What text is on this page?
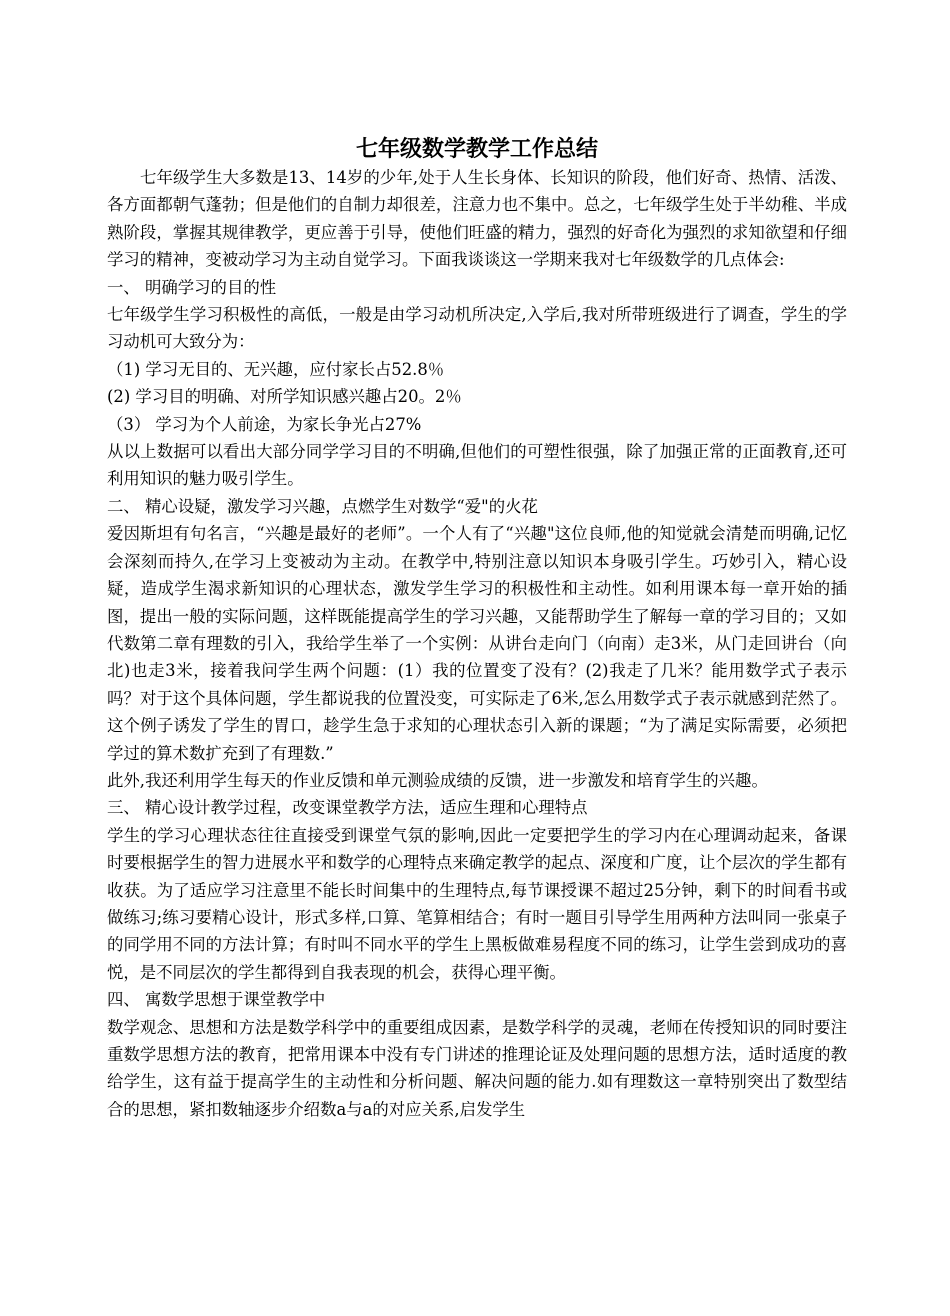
七年级数学教学工作总结

七年级学生大多数是13、14岁的少年,处于人生长身体、长知识的阶段，他们好奇、热情、活泼、各方面都朝气蓬勃；但是他们的自制力却很差，注意力也不集中。总之，七年级学生处于半幼稚、半成熟阶段，掌握其规律教学，更应善于引导，使他们旺盛的精力，强烈的好奇化为强烈的求知欲望和仔细学习的精神，变被动学习为主动自觉学习。下面我谈谈这一学期来我对七年级数学的几点体会:

一、 明确学习的目的性

七年级学生学习积极性的高低，一般是由学习动机所决定,入学后,我对所带班级进行了调查，学生的学习动机可大致分为：

（1) 学习无目的、无兴趣，应付家长占52.8％

(2) 学习目的明确、对所学知识感兴趣占20。2％

（3） 学习为个人前途，为家长争光占27%

从以上数据可以看出大部分同学学习目的不明确,但他们的可塑性很强，除了加强正常的正面教育,还可利用知识的魅力吸引学生。

二、 精心设疑，激发学习兴趣，点燃学生对数学“爱"的火花

爱因斯坦有句名言，“兴趣是最好的老师”。一个人有了“兴趣"这位良师,他的知觉就会清楚而明确,记忆会深刻而持久,在学习上变被动为主动。在教学中,特别注意以知识本身吸引学生。巧妙引入，精心设疑，造成学生渴求新知识的心理状态，激发学生学习的积极性和主动性。如利用课本每一章开始的插图，提出一般的实际问题，这样既能提高学生的学习兴趣，又能帮助学生了解每一章的学习目的；又如代数第二章有理数的引入，我给学生举了一个实例：从讲台走向门（向南）走3米，从门走回讲台（向北)也走3米，接着我问学生两个问题：(1）我的位置变了没有？(2)我走了几米？能用数学式子表示吗？对于这个具体问题，学生都说我的位置没变，可实际走了6米,怎么用数学式子表示就感到茫然了。这个例子诱发了学生的胃口，趁学生急于求知的心理状态引入新的课题；“为了满足实际需要，必须把学过的算术数扩充到了有理数.”

此外,我还利用学生每天的作业反馈和单元测验成绩的反馈，进一步激发和培育学生的兴趣。

三、 精心设计教学过程，改变课堂教学方法，适应生理和心理特点

学生的学习心理状态往往直接受到课堂气氛的影响,因此一定要把学生的学习内在心理调动起来，备课时要根据学生的智力进展水平和数学的心理特点来确定教学的起点、深度和广度，让个层次的学生都有收获。为了适应学习注意里不能长时间集中的生理特点,每节课授课不超过25分钟，剩下的时间看书或做练习;练习要精心设计，形式多样,口算、笔算相结合；有时一题目引导学生用两种方法叫同一张桌子的同学用不同的方法计算；有时叫不同水平的学生上黑板做难易程度不同的练习，让学生尝到成功的喜悦，是不同层次的学生都得到自我表现的机会，获得心理平衡。

四、 寓数学思想于课堂教学中

数学观念、思想和方法是数学科学中的重要组成因素，是数学科学的灵魂，老师在传授知识的同时要注重数学思想方法的教育，把常用课本中没有专门讲述的推理论证及处理问题的思想方法，适时适度的教给学生，这有益于提高学生的主动性和分析问题、解决问题的能力.如有理数这一章特别突出了数型结合的思想，紧扣数轴逐步介绍数a与a的对应关系,启发学生
